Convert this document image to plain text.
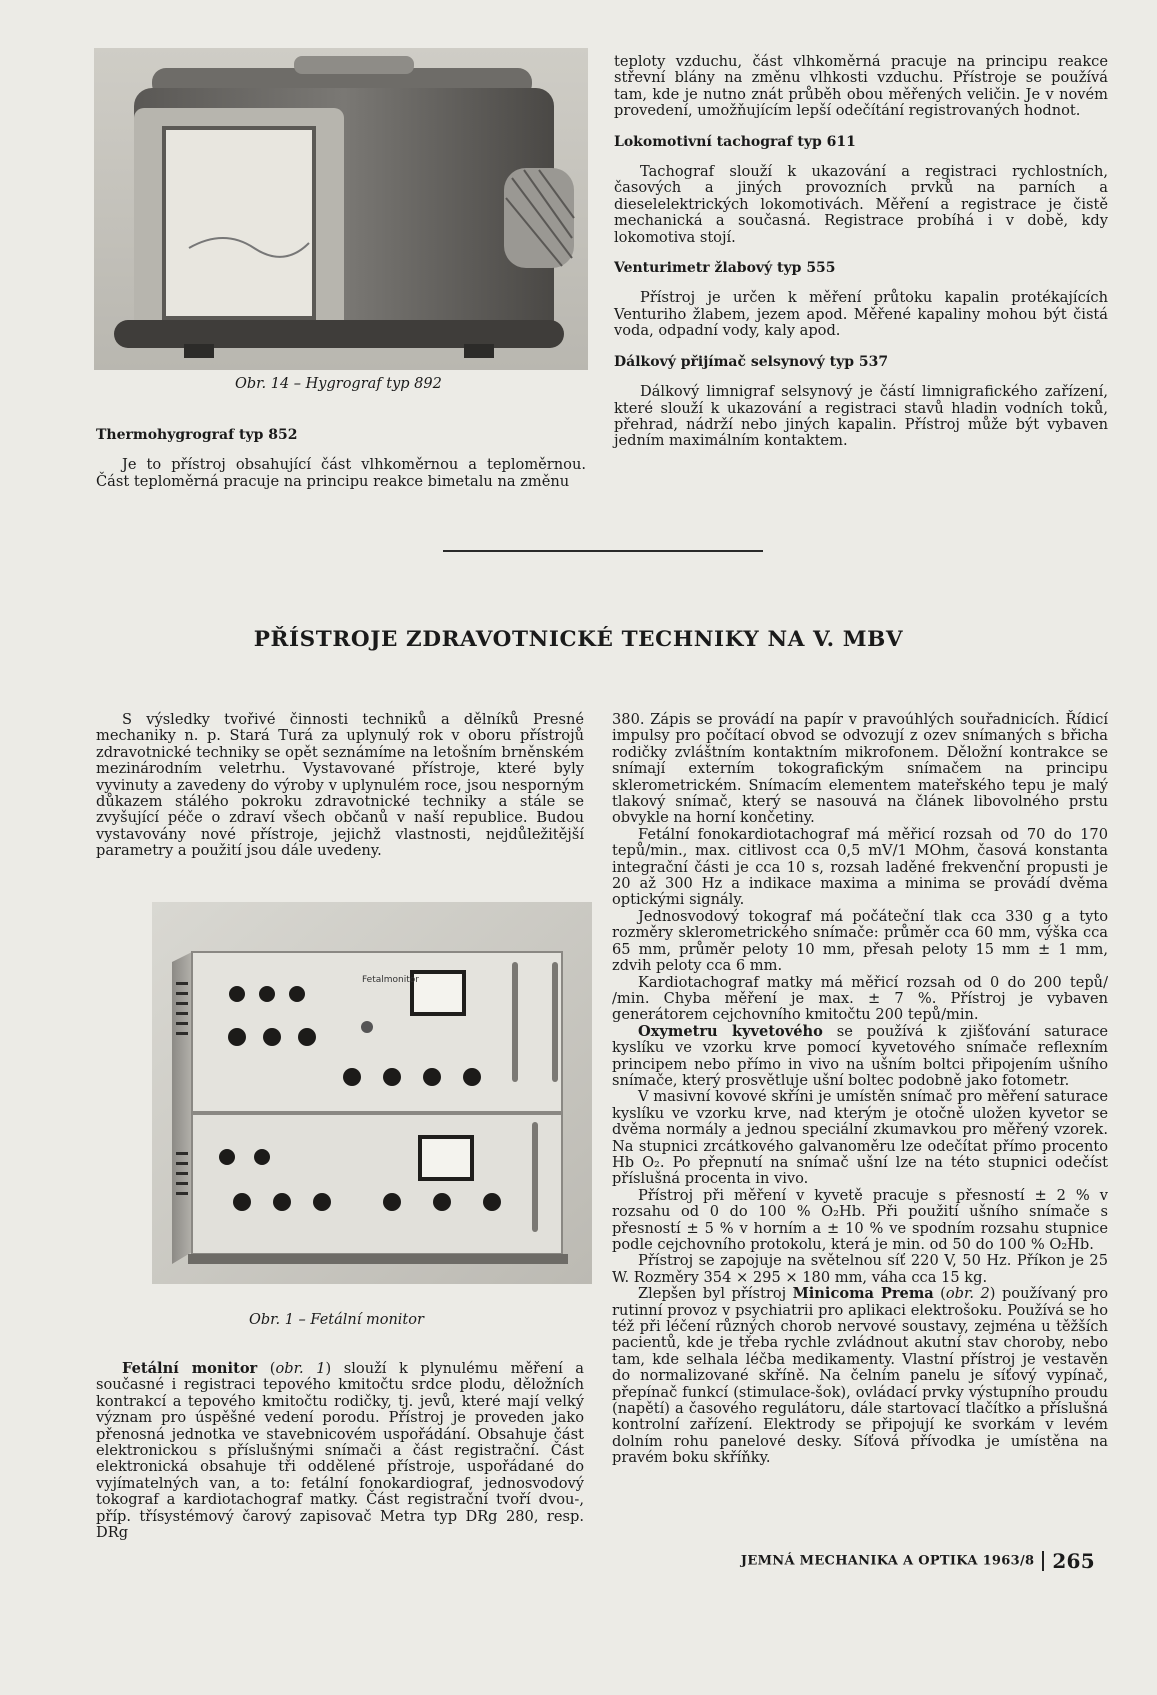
Obr. 14 – Hygrograf typ 892

Thermohygrograf typ 852

Je to přístroj obsahující část vlhkoměrnou a teploměrnou. Část teploměrná pracuje na principu reakce bimetalu na změnu

teploty vzduchu, část vlhkoměrná pracuje na principu reakce střevní blány na změnu vlhkosti vzduchu. Přístroje se používá tam, kde je nutno znát průběh obou měřených veličin. Je v novém provedení, umožňujícím lepší odečítání registrovaných hodnot.

Lokomotivní tachograf typ 611

Tachograf slouží k ukazování a registraci rychlostních, časových a jiných provozních prvků na parních a dieselelektrických lokomotivách. Měření a registrace je čistě mechanická a současná. Registrace probíhá i v době, kdy lokomotiva stojí.

Venturimetr žlabový typ 555

Přístroj je určen k měření průtoku kapalin protékajících Venturiho žlabem, jezem apod. Měřené kapaliny mohou být čistá voda, odpadní vody, kaly apod.

Dálkový přijímač selsynový typ 537

Dálkový limnigraf selsynový je částí limnigrafického zařízení, které slouží k ukazování a registraci stavů hladin vodních toků, přehrad, nádrží nebo jiných kapalin. Přístroj může být vybaven jedním maximálním kontaktem.

PŘÍSTROJE ZDRAVOTNICKÉ TECHNIKY NA V. MBV

S výsledky tvořivé činnosti techniků a dělníků Presné mechaniky n. p. Stará Turá za uplynulý rok v oboru přístrojů zdravotnické techniky se opět seznámíme na letošním brněnském mezinárodním veletrhu. Vystavované přístroje, které byly vyvinuty a zavedeny do výroby v uplynulém roce, jsou nesporným důkazem stálého pokroku zdravotnické techniky a stále se zvyšující péče o zdraví všech občanů v naší republice. Budou vystavovány nové přístroje, jejichž vlastnosti, nejdůležitější parametry a použití jsou dále uvedeny.

Fetalmonitor
Obr. 1 – Fetální monitor

Fetální monitor (obr. 1) slouží k plynulému měření a současné i registraci tepového kmitočtu srdce plodu, děložních kontrakcí a tepového kmitočtu rodičky, tj. jevů, které mají velký význam pro úspěšné vedení porodu. Přístroj je proveden jako přenosná jednotka ve stavebnicovém uspořádání. Obsahuje část elektronickou s příslušnými snímači a část registrační. Část elektronická obsahuje tři oddělené přístroje, uspořádané do vyjímatelných van, a to: fetální fonokardiograf, jednosvodový tokograf a kardiotachograf matky. Část registrační tvoří dvou-, příp. třísystémový čarový zapisovač Metra typ DRg 280, resp. DRg

380. Zápis se provádí na papír v pravoúhlých souřadnicích. Řídicí impulsy pro počítací obvod se odvozují z ozev snímaných s břicha rodičky zvláštním kontaktním mikrofonem. Děložní kontrakce se snímají externím tokografickým snímačem na principu sklerometrickém. Snímacím elementem mateřského tepu je malý tlakový snímač, který se nasouvá na článek libovolného prstu obvykle na horní končetiny.

Fetální fonokardiotachograf má měřicí rozsah od 70 do 170 tepů/min., max. citlivost cca 0,5 mV/1 MOhm, časová konstanta integrační části je cca 10 s, rozsah laděné frekvenční propusti je 20 až 300 Hz a indikace maxima a minima se provádí dvěma optickými signály.

Jednosvodový tokograf má počáteční tlak cca 330 g a tyto rozměry sklerometrického snímače: průměr cca 60 mm, výška cca 65 mm, průměr peloty 10 mm, přesah peloty 15 mm ± 1 mm, zdvih peloty cca 6 mm.

Kardiotachograf matky má měřicí rozsah od 0 do 200 tepů/ /min. Chyba měření je max. ± 7 %. Přístroj je vybaven generátorem cejchovního kmitočtu 200 tepů/min.

Oxymetru kyvetového se používá k zjišťování saturace kyslíku ve vzorku krve pomocí kyvetového snímače reflexním principem nebo přímo in vivo na ušním boltci připojením ušního snímače, který prosvětluje ušní boltec podobně jako fotometr.

V masivní kovové skříni je umístěn snímač pro měření saturace kyslíku ve vzorku krve, nad kterým je otočně uložen kyvetor se dvěma normály a jednou speciální zkumavkou pro měřený vzorek. Na stupnici zrcátkového galvanoměru lze odečítat přímo procento Hb O₂. Po přepnutí na snímač ušní lze na této stupnici odečíst příslušná procenta in vivo.

Přístroj při měření v kyvetě pracuje s přesností ± 2 % v rozsahu od 0 do 100 % O₂Hb. Při použití ušního snímače s přesností ± 5 % v horním a ± 10 % ve spodním rozsahu stupnice podle cejchovního protokolu, která je min. od 50 do 100 % O₂Hb.

Přístroj se zapojuje na světelnou síť 220 V, 50 Hz. Příkon je 25 W. Rozměry 354 × 295 × 180 mm, váha cca 15 kg.

Zlepšen byl přístroj Minicoma Prema (obr. 2) používaný pro rutinní provoz v psychiatrii pro aplikaci elektrošoku. Používá se ho též při léčení různých chorob nervové soustavy, zejména u těžších pacientů, kde je třeba rychle zvládnout akutní stav choroby, nebo tam, kde selhala léčba medikamenty. Vlastní přístroj je vestavěn do normalizované skříně. Na čelním panelu je síťový vypínač, přepínač funkcí (stimulace-šok), ovládací prvky výstupního proudu (napětí) a časového regulátoru, dále startovací tlačítko a příslušná kontrolní zařízení. Elektrody se připojují ke svorkám v levém dolním rohu panelové desky. Síťová přívodka je umístěna na pravém boku skříňky.

JEMNÁ MECHANIKA A OPTIKA 1963/8 265
